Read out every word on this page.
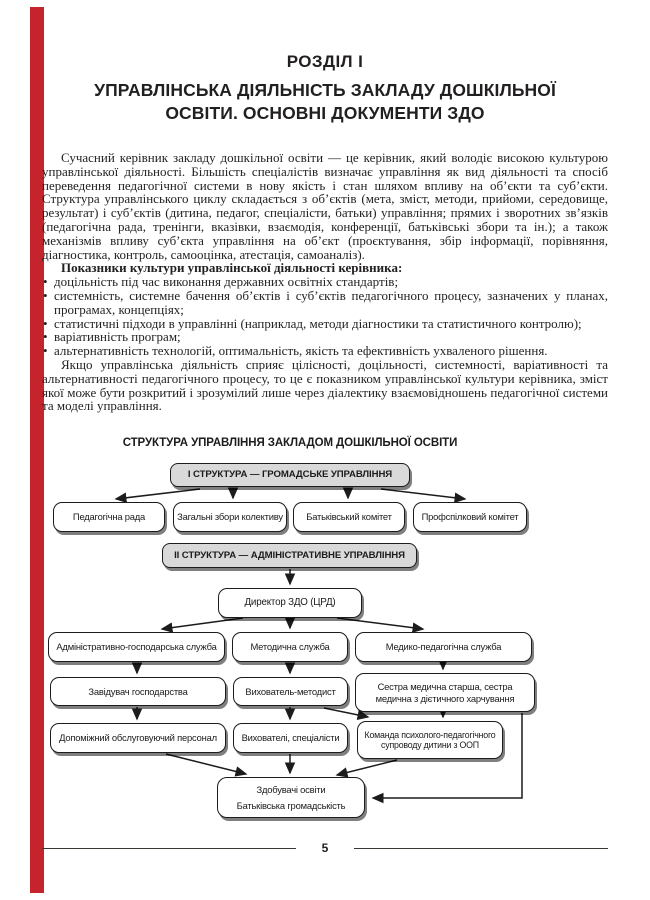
РОЗДІЛ І
УПРАВЛІНСЬКА ДІЯЛЬНІСТЬ ЗАКЛАДУ ДОШКІЛЬНОЇ ОСВІТИ. ОСНОВНІ ДОКУМЕНТИ ЗДО

Сучасний керівник закладу дошкільної освіти — це керівник, який володіє високою культурою управлінської діяльності. Більшість спеціалістів визначає управління як вид діяльності та спосіб переведення педагогічної системи в нову якість і стан шляхом впливу на об’єкти та суб’єкти. Структура управлінського циклу складається з об’єктів (мета, зміст, методи, прийоми, середовище, результат) і суб’єктів (дитина, педагог, спеціалісти, батьки) управління; прямих і зворотних зв’язків (педагогічна рада, тренінги, вказівки, взаємодія, конференції, батьківські збори та ін.); а також механізмів впливу суб’єкта управління на об’єкт (проєктування, збір інформації, порівняння, діагностика, контроль, самооцінка, атестація, самоаналіз).

Показники культури управлінської діяльності керівника:

• доцільність під час виконання державних освітніх стандартів;
• системність, системне бачення об’єктів і суб’єктів педагогічного процесу, зазначених у планах, програмах, концепціях;
• статистичні підходи в управлінні (наприклад, методи діагностики та статистичного контролю);
• варіативність програм;
• альтернативність технологій, оптимальність, якість та ефективність ухваленого рішення.

Якщо управлінська діяльність сприяє цілісності, доцільності, системності, варіативності та альтернативності педагогічного процесу, то це є показником управлінської культури керівника, зміст якої може бути розкритий і зрозумілий лише через діалектику взаємовідношень педагогічної системи та моделі управління.

СТРУКТУРА УПРАВЛІННЯ ЗАКЛАДОМ ДОШКІЛЬНОЇ ОСВІТИ
І СТРУКТУРА — ГРОМАДСЬКЕ УПРАВЛІННЯ
Педагогічна рада	Загальні збори колективу	Батьківський комітет	Профспілковий комітет
ІІ СТРУКТУРА — АДМІНІСТРАТИВНЕ УПРАВЛІННЯ
Директор ЗДО (ЦРД)
Адміністративно-господарська служба	Методична служба	Медико-педагогічна служба
Завідувач господарства	Вихователь-методист	Сестра медична старша, сестра медична з дієтичного харчування
Допоміжний обслуговуючий персонал	Вихователі, спеціалісти	Команда психолого-педагогічного супроводу дитини з ООП
Здобувачі освіти
Батьківська громадськість
5
